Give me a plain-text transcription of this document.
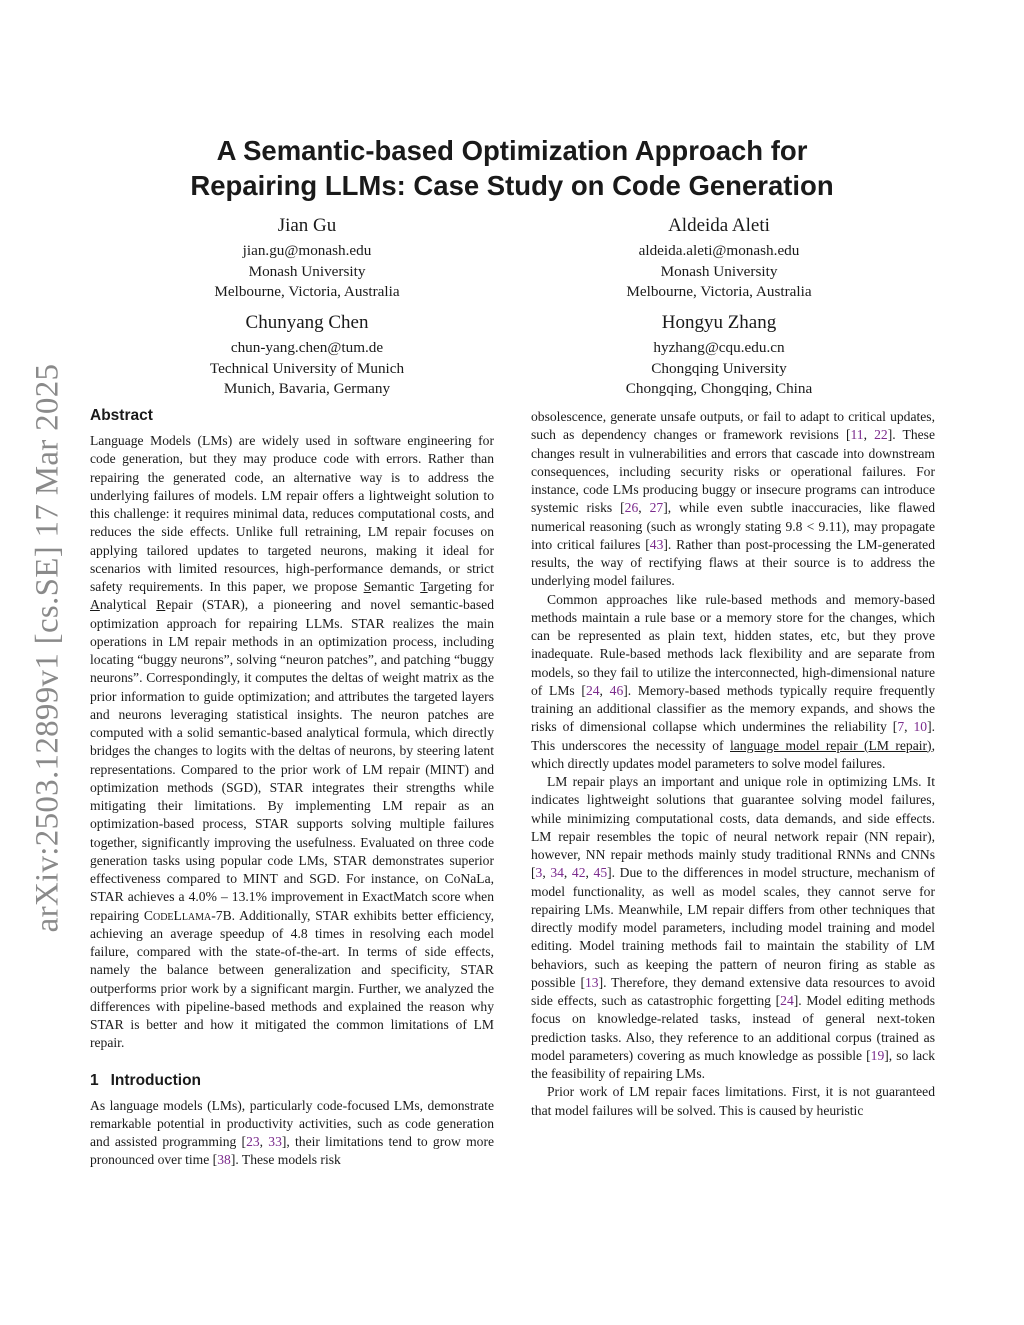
arXiv:2503.12899v1 [cs.SE] 17 Mar 2025
A Semantic-based Optimization Approach for
Repairing LLMs: Case Study on Code Generation
Jian Gu
jian.gu@monash.edu
Monash University
Melbourne, Victoria, Australia
Aldeida Aleti
aldeida.aleti@monash.edu
Monash University
Melbourne, Victoria, Australia
Chunyang Chen
chun-yang.chen@tum.de
Technical University of Munich
Munich, Bavaria, Germany
Hongyu Zhang
hyzhang@cqu.edu.cn
Chongqing University
Chongqing, Chongqing, China
Abstract

Language Models (LMs) are widely used in software engineering for code generation, but they may produce code with errors. Rather than repairing the generated code, an alternative way is to address the underlying failures of models. LM repair offers a lightweight solution to this challenge: it requires minimal data, reduces computational costs, and reduces the side effects. Unlike full retraining, LM repair focuses on applying tailored updates to targeted neurons, making it ideal for scenarios with limited resources, high-performance demands, or strict safety requirements. In this paper, we propose Semantic Targeting for Analytical Repair (STAR), a pioneering and novel semantic-based optimization approach for repairing LLMs. STAR realizes the main operations in LM repair methods in an optimization process, including locating “buggy neurons”, solving “neuron patches”, and patching “buggy neurons”. Correspondingly, it computes the deltas of weight matrix as the prior information to guide optimization; and attributes the targeted layers and neurons leveraging statistical insights. The neuron patches are computed with a solid semantic-based analytical formula, which directly bridges the changes to logits with the deltas of neurons, by steering latent representations. Compared to the prior work of LM repair (MINT) and optimization methods (SGD), STAR integrates their strengths while mitigating their limitations. By implementing LM repair as an optimization-based process, STAR supports solving multiple failures together, significantly improving the usefulness. Evaluated on three code generation tasks using popular code LMs, STAR demonstrates superior effectiveness compared to MINT and SGD. For instance, on CoNaLa, STAR achieves a 4.0% – 13.1% improvement in ExactMatch score when repairing CodeLlama-7B. Additionally, STAR exhibits better efficiency, achieving an average speedup of 4.8 times in resolving each model failure, compared with the state-of-the-art. In terms of side effects, namely the balance between generalization and specificity, STAR outperforms prior work by a significant margin. Further, we analyzed the differences with pipeline-based methods and explained the reason why STAR is better and how it mitigated the common limitations of LM repair.

1 Introduction

As language models (LMs), particularly code-focused LMs, demonstrate remarkable potential in productivity activities, such as code generation and assisted programming [23, 33], their limitations tend to grow more pronounced over time [38]. These models risk

obsolescence, generate unsafe outputs, or fail to adapt to critical updates, such as dependency changes or framework revisions [11, 22]. These changes result in vulnerabilities and errors that cascade into downstream consequences, including security risks or operational failures. For instance, code LMs producing buggy or insecure programs can introduce systemic risks [26, 27], while even subtle inaccuracies, like flawed numerical reasoning (such as wrongly stating 9.8 < 9.11), may propagate into critical failures [43]. Rather than post-processing the LM-generated results, the way of rectifying flaws at their source is to address the underlying model failures.

Common approaches like rule-based methods and memory-based methods maintain a rule base or a memory store for the changes, which can be represented as plain text, hidden states, etc, but they prove inadequate. Rule-based methods lack flexibility and are separate from models, so they fail to utilize the interconnected, high-dimensional nature of LMs [24, 46]. Memory-based methods typically require frequently training an additional classifier as the memory expands, and shows the risks of dimensional collapse which undermines the reliability [7, 10]. This underscores the necessity of language model repair (LM repair), which directly updates model parameters to solve model failures.

LM repair plays an important and unique role in optimizing LMs. It indicates lightweight solutions that guarantee solving model failures, while minimizing computational costs, data demands, and side effects. LM repair resembles the topic of neural network repair (NN repair), however, NN repair methods mainly study traditional RNNs and CNNs [3, 34, 42, 45]. Due to the differences in model structure, mechanism of model functionality, as well as model scales, they cannot serve for repairing LMs. Meanwhile, LM repair differs from other techniques that directly modify model parameters, including model training and model editing. Model training methods fail to maintain the stability of LM behaviors, such as keeping the pattern of neuron firing as stable as possible [13]. Therefore, they demand extensive data resources to avoid side effects, such as catastrophic forgetting [24]. Model editing methods focus on knowledge-related tasks, instead of general next-token prediction tasks. Also, they reference to an additional corpus (trained as model parameters) covering as much knowledge as possible [19], so lack the feasibility of repairing LMs.

Prior work of LM repair faces limitations. First, it is not guaranteed that model failures will be solved. This is caused by heuristic
